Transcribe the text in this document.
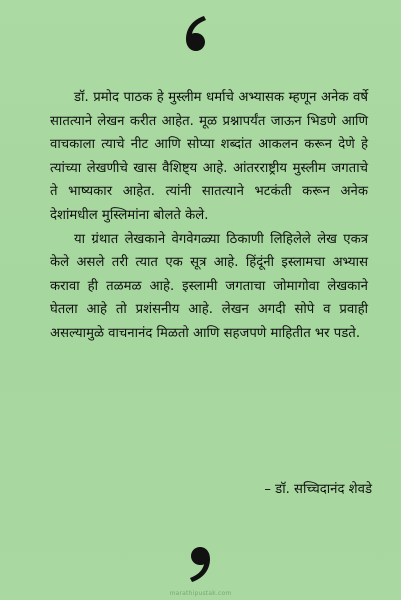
डॉ. प्रमोद पाठक हे मुस्लीम धर्माचे अभ्यासक म्हणून अनेक वर्षे सातत्याने लेखन करीत आहेत. मूळ प्रश्नापर्यंत जाऊन भिडणे आणि वाचकाला त्याचे नीट आणि सोप्या शब्दांत आकलन करून देणे हे त्यांच्या लेखणीचे खास वैशिष्ट्य आहे. आंतरराष्ट्रीय मुस्लीम जगताचे ते भाष्यकार आहेत. त्यांनी सातत्याने भटकंती करून अनेक देशांमधील मुस्लिमांना बोलते केले.

या ग्रंथात लेखकाने वेगवेगळ्या ठिकाणी लिहिलेले लेख एकत्र केले असले तरी त्यात एक सूत्र आहे. हिंदूंनी इस्लामचा अभ्यास करावा ही तळमळ आहे. इस्लामी जगताचा जोमागोवा लेखकाने घेतला आहे तो प्रशंसनीय आहे. लेखन अगदी सोपे व प्रवाही असल्यामुळे वाचनानंद मिळतो आणि सहजपणे माहितीत भर पडते.

– डॉ. सच्चिदानंद शेवडे
marathipustak.com
